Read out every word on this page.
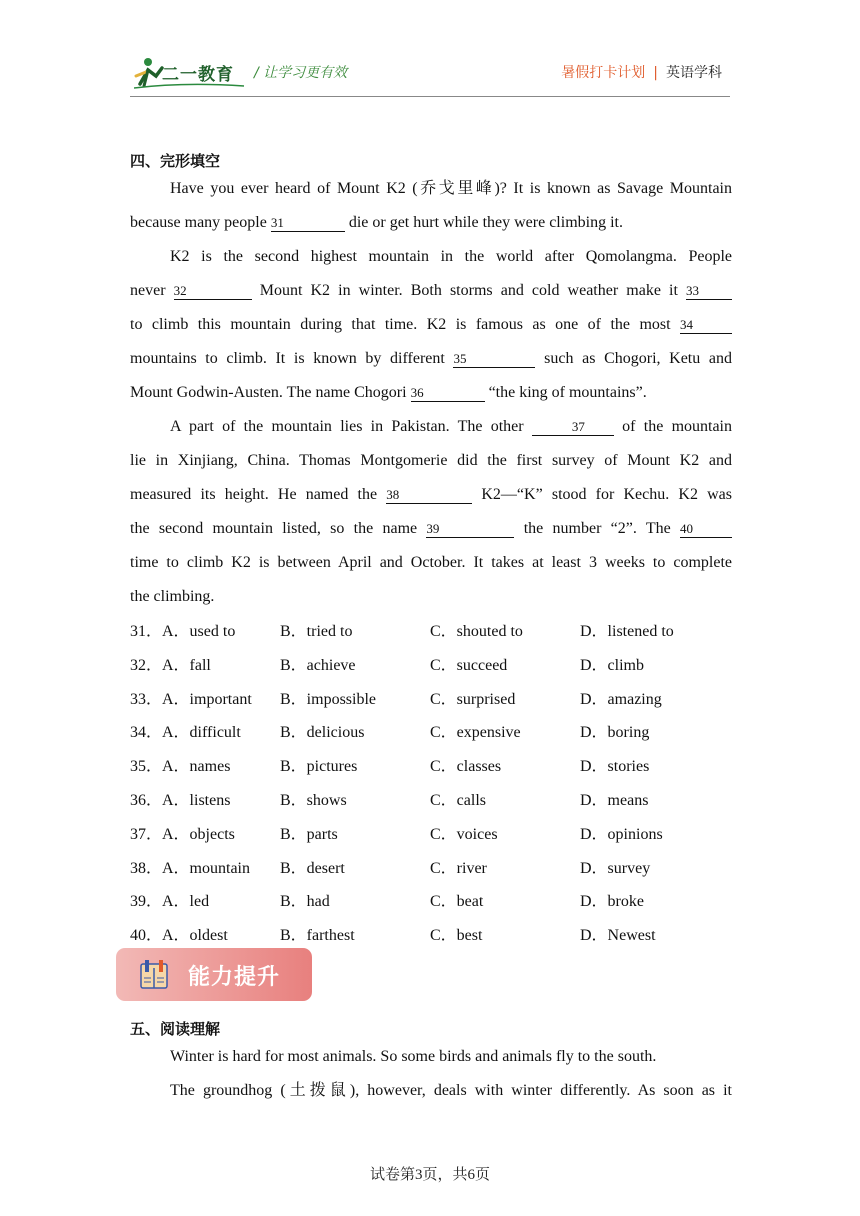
二一教育 / 让学习更有效	暑假打卡计划 | 英语学科
四、完形填空
Have you ever heard of Mount K2 (乔戈里峰)? It is known as Savage Mountain
because many people 31	die or get hurt while they were climbing it.
K2 is the second highest mountain in the world after Qomolangma. People
never 32	Mount K2 in winter. Both storms and cold weather make it 33
to climb this mountain during that time. K2 is famous as one of the most 34
mountains to climb. It is known by different 35	such as Chogori, Ketu and
Mount Godwin-Austen. The name Chogori 36	“the king of mountains”.
A part of the mountain lies in Pakistan. The other	37 of the mountain
lie in Xinjiang, China. Thomas Montgomerie did the first survey of Mount K2 and
measured its height. He named the 38	K2—“K” stood for Kechu. K2 was
the second mountain listed, so the name 39	the number “2”. The 40
time to climb K2 is between April and October. It takes at least 3 weeks to complete
the climbing.
31．A．used to	B．tried to	C．shouted to	D．listened to
32．A．fall	B．achieve	C．succeed	D．climb
33．A．important B．impossible	C．surprised	D．amazing
34．A．difficult B．delicious	C．expensive	D．boring
35．A．names	B．pictures	C．classes	D．stories
36．A．listens	B．shows	C．calls	D．means
37．A．objects	B．parts	C．voices	D．opinions
38．A．mountain B．desert	C．river	D．survey
39．A．led	B．had	C．beat	D．broke
40．A．oldest	B．farthest	C．best	D．Newest
能力提升
五、阅读理解
Winter is hard for most animals. So some birds and animals fly to the south.
The groundhog (土拨鼠), however, deals with winter differently. As soon as it
试卷第3页，共6页
